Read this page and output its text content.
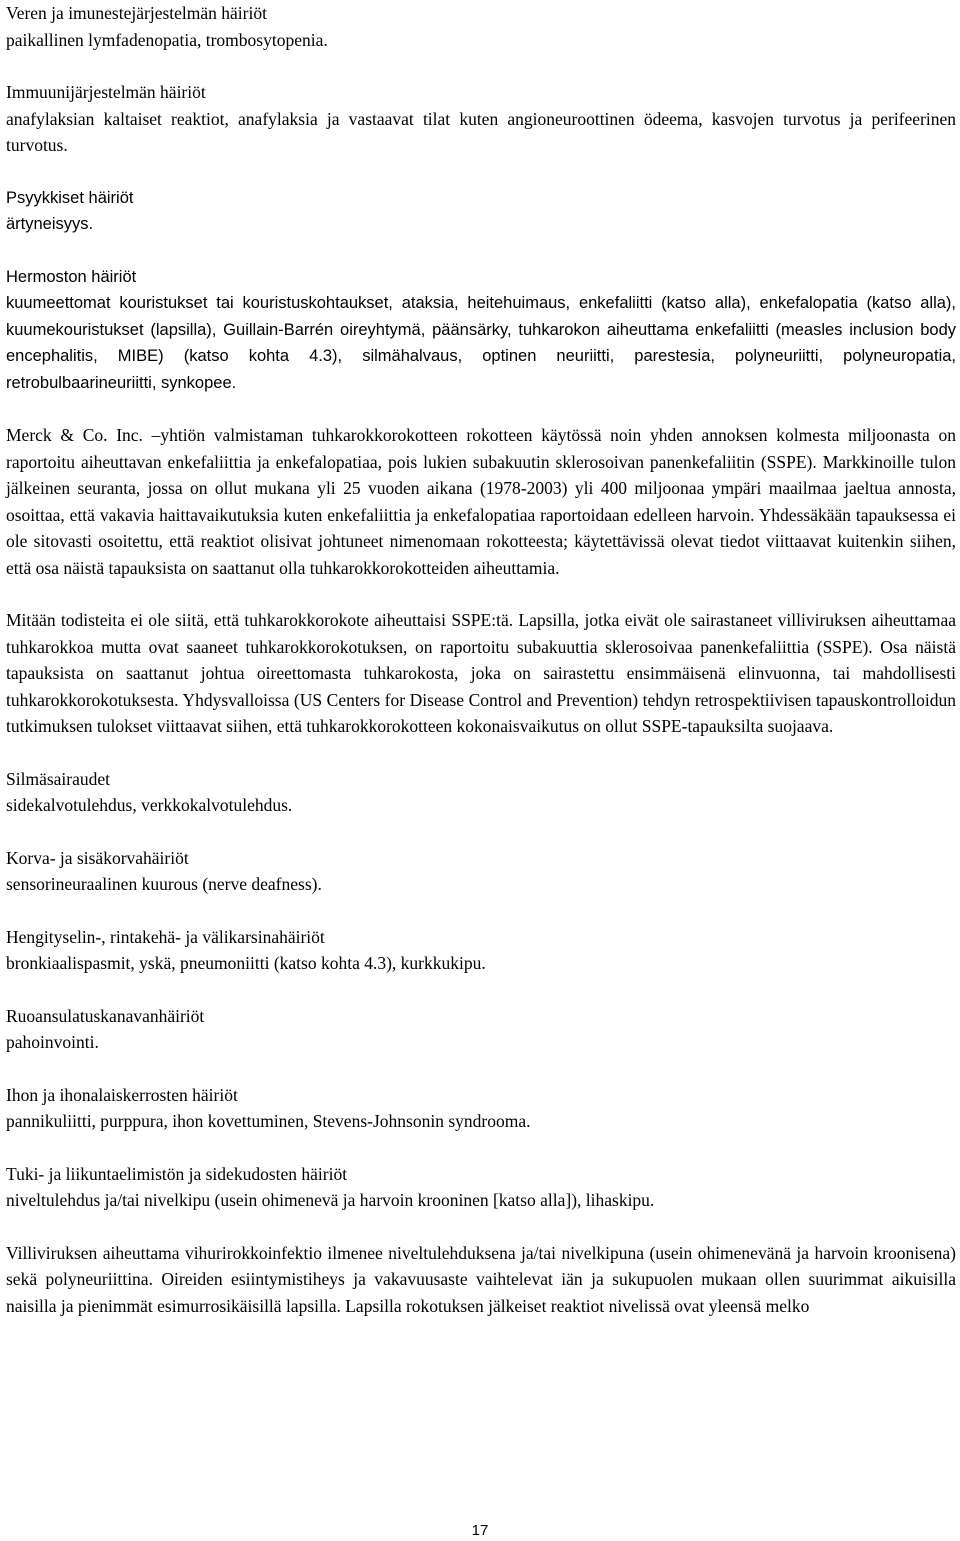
Veren ja imunestejärjestelmän häiriöt

paikallinen lymfadenopatia, trombosytopenia.

Immuunijärjestelmän häiriöt

anafylaksian kaltaiset reaktiot, anafylaksia ja vastaavat tilat kuten angioneuroottinen ödeema, kasvojen turvotus ja perifeerinen turvotus.

Psyykkiset häiriöt

ärtyneisyys.

Hermoston häiriöt

kuumeettomat kouristukset tai kouristuskohtaukset, ataksia, heitehuimaus, enkefaliitti (katso alla), enkefalopatia (katso alla), kuumekouristukset (lapsilla), Guillain-Barrén oireyhtymä, päänsärky, tuhkarokon aiheuttama enkefaliitti (measles inclusion body encephalitis, MIBE) (katso kohta 4.3), silmähalvaus, optinen neuriitti, parestesia, polyneuriitti, polyneuropatia, retrobulbaarineuriitti, synkopee.

Merck & Co. Inc. –yhtiön valmistaman tuhkarokkorokotteen rokotteen käytössä noin yhden annoksen kolmesta miljoonasta on raportoitu aiheuttavan enkefaliittia ja enkefalopatiaa, pois lukien subakuutin sklerosoivan panenkefaliitin (SSPE). Markkinoille tulon jälkeinen seuranta, jossa on ollut mukana yli 25 vuoden aikana (1978-2003) yli 400 miljoonaa ympäri maailmaa jaeltua annosta, osoittaa, että vakavia haittavaikutuksia kuten enkefaliittia ja enkefalopatiaa raportoidaan edelleen harvoin. Yhdessäkään tapauksessa ei ole sitovasti osoitettu, että reaktiot olisivat johtuneet nimenomaan rokotteesta; käytettävissä olevat tiedot viittaavat kuitenkin siihen, että osa näistä tapauksista on saattanut olla tuhkarokkorokotteiden aiheuttamia.

Mitään todisteita ei ole siitä, että tuhkarokkorokote aiheuttaisi SSPE:tä. Lapsilla, jotka eivät ole sairastaneet villiviruksen aiheuttamaa tuhkarokkoa mutta ovat saaneet tuhkarokkorokotuksen, on raportoitu subakuuttia sklerosoivaa panenkefaliittia (SSPE). Osa näistä tapauksista on saattanut johtua oireettomasta tuhkarokosta, joka on sairastettu ensimmäisenä elinvuonna, tai mahdollisesti tuhkarokkorokotuksesta. Yhdysvalloissa (US Centers for Disease Control and Prevention) tehdyn retrospektiivisen tapauskontrolloidun tutkimuksen tulokset viittaavat siihen, että tuhkarokkorokotteen kokonaisvaikutus on ollut SSPE-tapauksilta suojaava.

Silmäsairaudet

sidekalvotulehdus, verkkokalvotulehdus.

Korva- ja sisäkorvahäiriöt

sensorineuraalinen kuurous (nerve deafness).

Hengityselin-, rintakehä- ja välikarsinahäiriöt

bronkiaalispasmit, yskä, pneumoniitti (katso kohta 4.3), kurkkukipu.

Ruoansulatuskanavanhäiriöt

pahoinvointi.

Ihon ja ihonalaiskerrosten häiriöt

pannikuliitti, purppura, ihon kovettuminen, Stevens-Johnsonin syndrooma.

Tuki- ja liikuntaelimistön ja sidekudosten häiriöt

niveltulehdus ja/tai nivelkipu (usein ohimenevä ja harvoin krooninen [katso alla]), lihaskipu.

Villiviruksen aiheuttama vihurirokkoinfektio ilmenee niveltulehduksena ja/tai nivelkipuna (usein ohimenevänä ja harvoin kroonisena) sekä polyneuriittina. Oireiden esiintymistiheys ja vakavuusaste vaihtelevat iän ja sukupuolen mukaan ollen suurimmat aikuisilla naisilla ja pienimmät esimurrosikäisillä lapsilla. Lapsilla rokotuksen jälkeiset reaktiot nivelissä ovat yleensä melko

17
